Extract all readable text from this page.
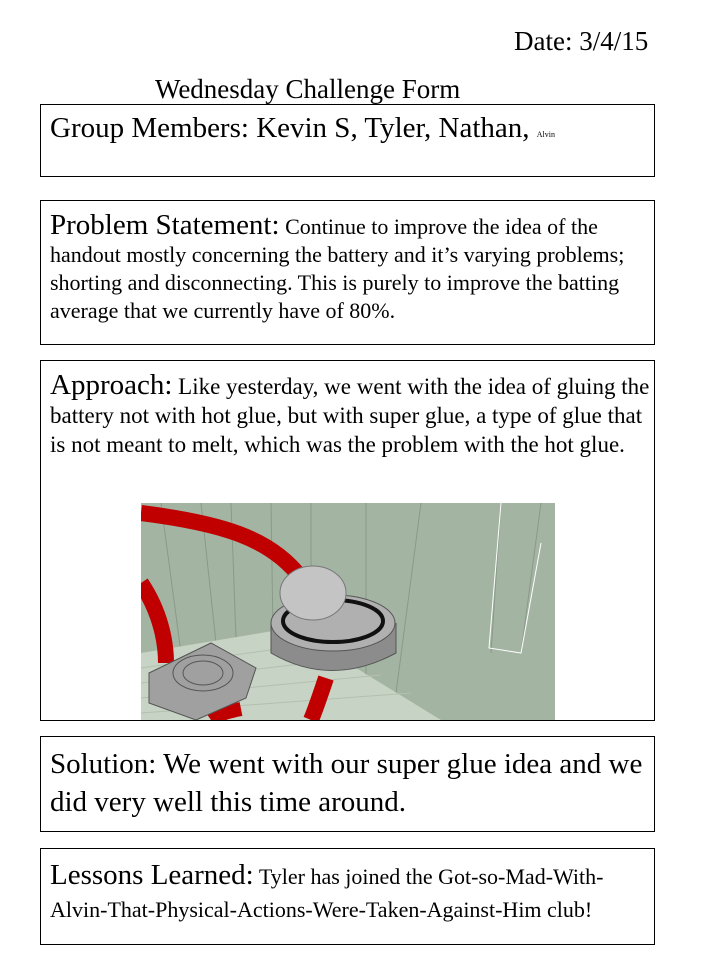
Date: 3/4/15
Wednesday Challenge Form
Group Members: Kevin S, Tyler, Nathan, Alvin
Problem Statement: Continue to improve the idea of the handout mostly concerning the battery and it’s varying problems; shorting and disconnecting. This is purely to improve the batting average that we currently have of 80%.
Approach: Like yesterday, we went with the idea of gluing the battery not with hot glue, but with super glue, a type of glue that is not meant to melt, which was the problem with the hot glue.
Solution: We went with our super glue idea and we did very well this time around.
Lessons Learned: Tyler has joined the Got-so-Mad-With-Alvin-That-Physical-Actions-Were-Taken-Against-Him club!
